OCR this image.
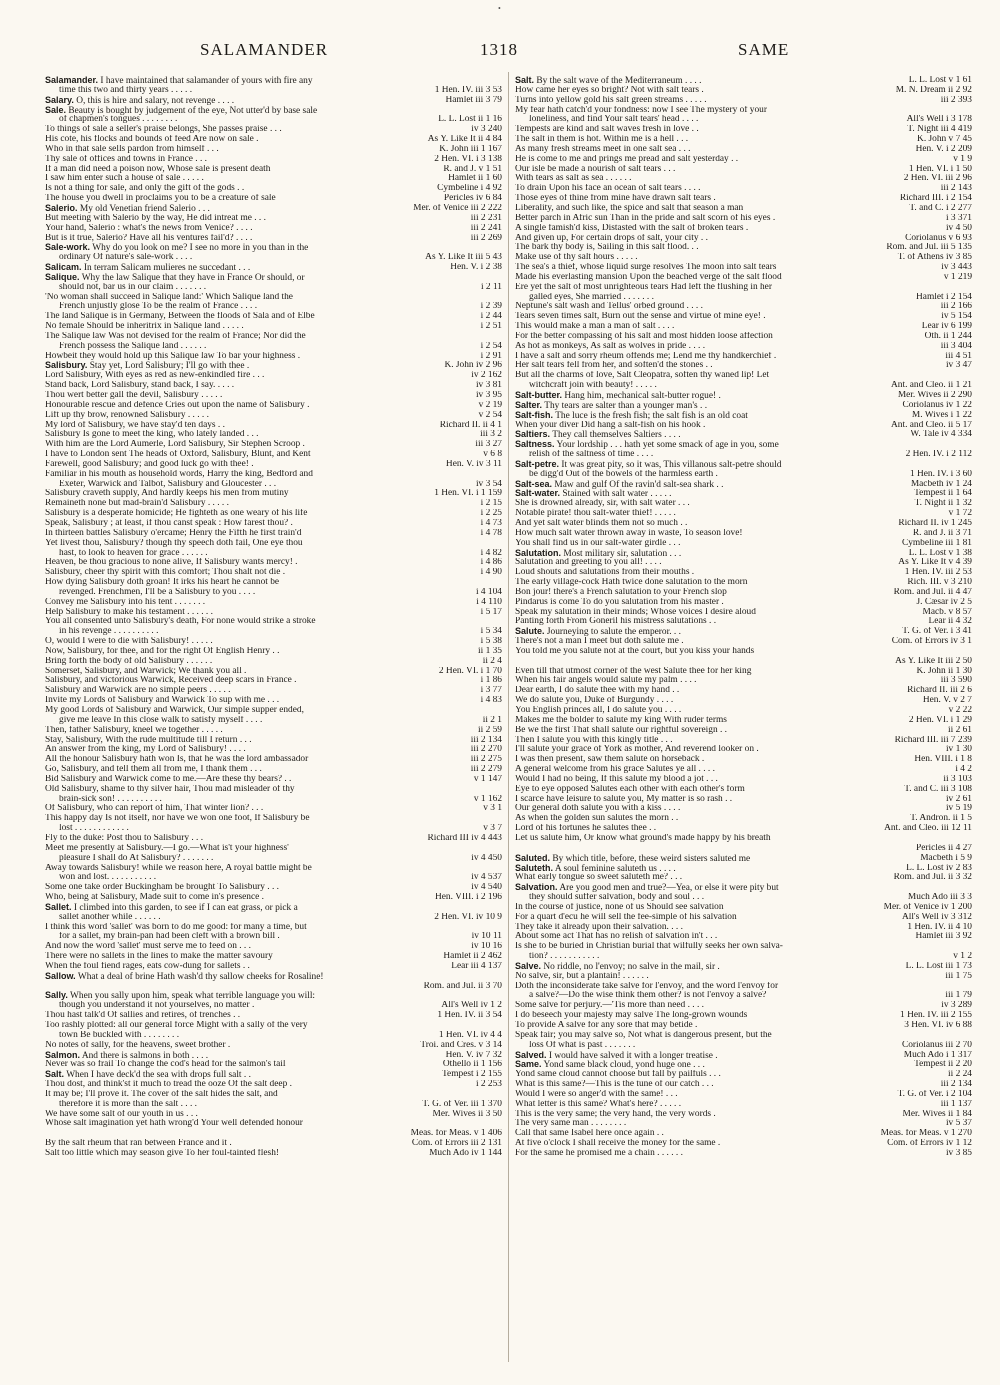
•
SALAMANDER	1318	SAME
Salamander. I have maintained that salamander of yours with fire any
time this two and thirty years . . . . .	1 Hen. IV. iii 3 53
Salary. O, this is hire and salary, not revenge . . . .	Hamlet iii 3 79
Sale. Beauty is bought by judgement of the eye, Not utter'd by base sale
of chapmen's tongues . . . . . . . .	L. L. Lost ii 1 16
To things of sale a seller's praise belongs, She passes praise . . .	iv 3 240
His cote, his flocks and bounds of feed Are now on sale .	As Y. Like It ii 4 84
Who in that sale sells pardon from himself . . .	K. John iii 1 167
Thy sale of offices and towns in France . . .	2 Hen. VI. i 3 138
If a man did need a poison now, Whose sale is present death	R. and J. v 1 51
I saw him enter such a house of sale . . . . .	Hamlet ii 1 60
Is not a thing for sale, and only the gift of the gods . .	Cymbeline i 4 92
The house you dwell in proclaims you to be a creature of sale	Pericles iv 6 84
Salerio. My old Venetian friend Salerio . . .	Mer. of Venice iii 2 222
But meeting with Salerio by the way, He did intreat me . . .	iii 2 231
Your hand, Salerio : what's the news from Venice? . . . .	iii 2 241
But is it true, Salerio? Have all his ventures fail'd? . . . .	iii 2 269
Sale-work. Why do you look on me? I see no more in you than in the
ordinary Of nature's sale-work . . . .	As Y. Like It iii 5 43
Salicam. In terram Salicam mulieres ne succedant . . .	Hen. V. i 2 38
Salique. Why the law Salique that they have in France Or should, or
should not, bar us in our claim . . . . . . .	i 2 11
'No woman shall succeed in Salique land:' Which Salique land the
French unjustly glose To be the realm of France . . . .	i 2 39
The land Salique is in Germany, Between the floods of Sala and of Elbe	i 2 44
No female Should be inheritrix in Salique land . . . . .	i 2 51
The Salique law Was not devised for the realm of France; Nor did the
French possess the Salique land . . . . . .	i 2 54
Howbeit they would hold up this Salique law To bar your highness .	i 2 91
Salisbury. Stay yet, Lord Salisbury; I'll go with thee .	K. John iv 2 96
Lord Salisbury, With eyes as red as new-enkindled fire . . .	iv 2 162
Stand back, Lord Salisbury, stand back, I say. . . . .	iv 3 81
Thou wert better gall the devil, Salisbury . . . . .	iv 3 95
Honourable rescue and defence Cries out upon the name of Salisbury .	v 2 19
Lift up thy brow, renowned Salisbury . . . . .	v 2 54
My lord of Salisbury, we have stay'd ten days . .	Richard II. ii 4 1
Salisbury Is gone to meet the king, who lately landed . . .	iii 3 2
With him are the Lord Aumerle, Lord Salisbury, Sir Stephen Scroop .	iii 3 27
I have to London sent The heads of Oxford, Salisbury, Blunt, and Kent	v 6 8
Farewell, good Salisbury; and good luck go with thee! .	Hen. V. iv 3 11
Familiar in his mouth as household words, Harry the king, Bedford and
Exeter, Warwick and Talbot, Salisbury and Gloucester . . .	iv 3 54
Salisbury cravеth supply, And hardly keeps his men from mutiny	1 Hen. VI. i 1 159
Remaineth none but mad-brain'd Salisbury . . . . .	i 2 15
Salisbury is a desperate homicide; He fighteth as one weary of his life	i 2 25
Speak, Salisbury ; at least, if thou canst speak : How farest thou? .	i 4 73
In thirteen battles Salisbury o'ercame; Henry the Fifth he first train'd	i 4 78
Yet livest thou, Salisbury? though thy speech doth fail, One eye thou
hast, to look to heaven for grace . . . . . .	i 4 82
Heaven, be thou gracious to none alive, If Salisbury wants mercy! .	i 4 86
Salisbury, cheer thy spirit with this comfort; Thou shalt not die .	i 4 90
How dying Salisbury doth groan! It irks his heart he cannot be
revenged. Frenchmen, I'll be a Salisbury to you . . . .	i 4 104
Convey me Salisbury into his tent . . . . . . .	i 4 110
Help Salisbury to make his testament . . . . . .	i 5 17
You all consented unto Salisbury's death, For none would strike a stroke
in his revenge . . . . . . . . . .	i 5 34
O, would I were to die with Salisbury! . . . . .	i 5 38
Now, Salisbury, for thee, and for the right Of English Henry . .	ii 1 35
Bring forth the body of old Salisbury . . . . . .	ii 2 4
Somerset, Salisbury, and Warwick; We thank you all .	2 Hen. VI. i 1 70
Salisbury, and victorious Warwick, Received deep scars in France .	i 1 86
Salisbury and Warwick are no simple peers . . . . .	i 3 77
Invite my Lords of Salisbury and Warwick To sup with me . . .	i 4 83
My good Lords of Salisbury and Warwick, Our simple supper ended,
give me leave In this close walk to satisfy myself . . . .	ii 2 1
Then, father Salisbury, kneel we together . . . . .	ii 2 59
Stay, Salisbury, With the rude multitude till I return . . .	iii 2 134
An answer from the king, my Lord of Salisbury! . . . .	iii 2 270
All the honour Salisbury hath won Is, that he was the lord ambassador	iii 2 275
Go, Salisbury, and tell them all from me, I thank them . . .	iii 2 279
Bid Salisbury and Warwick come to me.—Are these thy bears? . .	v 1 147
Old Salisbury, shame to thy silver hair, Thou mad misleader of thy
brain-sick son! . . . . . . . . . .	v 1 162
Of Salisbury, who can report of him, That winter lion? . . .	v 3 1
This happy day Is not itself, nor have we won one foot, If Salisbury be
lost . . . . . . . . . . . .	v 3 7
Fly to the duke: Post thou to Salisbury . . .	Richard III iv 4 443
Meet me presently at Salisbury.—I go.—What is't your highness'
pleasure I shall do At Salisbury? . . . . . . .	iv 4 450
Away towards Salisbury! while we reason here, A royal battle might be
won and lost. . . . . . . . . . .	iv 4 537
Some one take order Buckingham be brought To Salisbury . . .	iv 4 540
Who, being at Salisbury, Made suit to come in's presence .	Hen. VIII. i 2 196
Sallet. I climbed into this garden, to see if I can eat grass, or pick a
sallet another while . . . . . .	2 Hen. VI. iv 10 9
I think this word 'sallet' was born to do me good: for many a time, but
for a sallet, my brain-pan had been cleft with a brown bill .	iv 10 11
And now the word 'sallet' must serve me to feed on . . .	iv 10 16
There were no sallets in the lines to make the matter savoury	Hamlet ii 2 462
When the foul fiend rages, eats cow-dung for sallets . .	Lear iii 4 137
Sallow. What a deal of brine Hath wash'd thy sallow cheeks for Rosaline!
Rom. and Jul. ii 3 70
Sally. When you sally upon him, speak what terrible language you will:
though you understand it not yourselves, no matter .	All's Well iv 1 2
Thou hast talk'd Of sallies and retires, of trenches . .	1 Hen. IV. ii 3 54
Too rashly plotted: all our general force Might with a sally of the very
town Be buckled with . . . . . . . .	1 Hen. VI. iv 4 4
No notes of sally, for the heavens, sweet brother .	Troi. and Cres. v 3 14
Salmon. And there is salmons in both . . . .	Hen. V. iv 7 32
Never was so frail To change the cod's head for the salmon's tail	Othello ii 1 156
Salt. When I have deck'd the sea with drops full salt . .	Tempest i 2 155
Thou dost, and think'st it much to tread the ooze Of the salt deep .	i 2 253
It may be; I'll prove it. The cover of the salt hides the salt, and
therefore it is more than the salt . . . .	T. G. of Ver. iii 1 370
We have some salt of our youth in us . . .	Mer. Wives ii 3 50
Whose salt imagination yet hath wrong'd Your well defended honour
Meas. for Meas. v 1 406
By the salt rheum that ran between France and it .	Com. of Errors iii 2 131
Salt too little which may season give To her foul-tainted flesh!	Much Ado iv 1 144
Salt. By the salt wave of the Mediterraneum . . . .	L. L. Lost v 1 61
How came her eyes so bright? Not with salt tears .	M. N. Dream ii 2 92
Turns into yellow gold his salt green streams . . . . .	iii 2 393
My fear hath catch'd your fondness: now I see The mystery of your
loneliness, and find Your salt tears' head . . . .	All's Well i 3 178
Tempests are kind and salt waves fresh in love . .	T. Night iii 4 419
The salt in them is hot. Within me is a hell . . .	K. John v 7 45
As many fresh streams meet in one salt sea . . .	Hen. V. i 2 209
He is come to me and prings me pread and salt yesterday . .	v 1 9
Our isle be made a nourish of salt tears . . .	1 Hen. VI. i 1 50
With tears as salt as sea . . . . . .	2 Hen. VI. iii 2 96
To drain Upon his face an ocean of salt tears . . . .	iii 2 143
Those eyes of thine from mine have drawn salt tears .	Richard III. i 2 154
Liberality, and such like, the spice and salt that season a man	T. and C. i 2 277
Better parch in Afric sun Than in the pride and salt scorn of his eyes .	i 3 371
A single famish'd kiss, Distasted with the salt of broken tears .	iv 4 50
And given up, For certain drops of salt, your city . .	Coriolanus v 6 93
The bark thy body is, Sailing in this salt flood. . .	Rom. and Jul. iii 5 135
Make use of thy salt hours . . . . .	T. of Athens iv 3 85
The sea's a thief, whose liquid surge resolves The moon into salt tears	iv 3 443
Made his everlasting mansion Upon the beached verge of the salt flood	v 1 219
Ere yet the salt of most unrighteous tears Had left the flushing in her
galled eyes, She married . . . . . . .	Hamlet i 2 154
Neptune's salt wash and Tellus' orbed ground . . . .	iii 2 166
Tears seven times salt, Burn out the sense and virtue of mine eye! .	iv 5 154
This would make a man a man of salt . . . .	Lear iv 6 199
For the better compassing of his salt and most hidden loose affection	Oth. ii 1 244
As hot as monkeys, As salt as wolves in pride . . . .	iii 3 404
I have a salt and sorry rheum offends me; Lend me thy handkerchief .	iii 4 51
Her salt tears fell from her, and soften'd the stones . .	iv 3 47
But all the charms of love, Salt Cleopatra, soften thy waned lip! Let
witchcraft join with beauty! . . . . .	Ant. and Cleo. ii 1 21
Salt-butter. Hang him, mechanical salt-butter rogue! .	Mer. Wives ii 2 290
Salter. Thy tears are salter than a younger man's . .	Coriolanus iv 1 22
Salt-fish. The luce is the fresh fish; the salt fish is an old coat	M. Wives i 1 22
When your diver Did hang a salt-fish on his hook .	Ant. and Cleo. ii 5 17
Saltiers. They call themselves Saltiers . . . .	W. Tale iv 4 334
Saltness. Your lordship . . . hath yet some smack of age in you, some
relish of the saltness of time . . . .	2 Hen. IV. i 2 112
Salt-petre. It was great pity, so it was, This villanous salt-petre should
be digg'd Out of the bowels of the harmless earth .	1 Hen. IV. i 3 60
Salt-sea. Maw and gulf Of the ravin'd salt-sea shark . .	Macbeth iv 1 24
Salt-water. Stained with salt water . . . . .	Tempest ii 1 64
She is drowned already, sir, with salt water . . .	T. Night ii 1 32
Notable pirate! thou salt-water thief! . . . . .	v 1 72
And yet salt water blinds them not so much . .	Richard II. iv 1 245
How much salt water thrown away in waste, To season love!	R. and J. ii 3 71
You shall find us in our salt-water girdle . . .	Cymbeline iii 1 81
Salutation. Most military sir, salutation . . .	L. L. Lost v 1 38
Salutation and greeting to you all! . . . .	As Y. Like It v 4 39
Loud shouts and salutations from their mouths .	1 Hen. IV. iii 2 53
The early village-cock Hath twice done salutation to the morn	Rich. III. v 3 210
Bon jour! there's a French salutation to your French slop	Rom. and Jul. ii 4 47
Pindarus is come To do you salutation from his master .	J. Cæsar iv 2 5
Speak my salutation in their minds; Whose voices I desire aloud	Macb. v 8 57
Panting forth From Goneril his mistress salutations . .	Lear ii 4 32
Salute. Journeying to salute the emperor. . .	T. G. of Ver. i 3 41
There's not a man I meet but doth salute me .	Com. of Errors iv 3 1
You told me you salute not at the court, but you kiss your hands
As Y. Like It iii 2 50
Even till that utmost corner of the west Salute thee for her king	K. John ii 1 30
When his fair angels would salute my palm . . . .	iii 3 590
Dear earth, I do salute thee with my hand . .	Richard II. iii 2 6
We do salute you, Duke of Burgundy . . . .	Hen. V. v 2 7
You English princes all, I do salute you . . . .	v 2 22
Makes me the bolder to salute my king With ruder terms	2 Hen. VI. i 1 29
Be we the first That shall salute our rightful sovereign . .	ii 2 61
Then I salute you with this kingly title . . .	Richard III. iii 7 239
I'll salute your grace of York as mother, And reverend looker on .	iv 1 30
I was then present, saw them salute on horseback .	Hen. VIII. i 1 8
A general welcome from his grace Salutes ye all . . . .	i 4 2
Would I had no being, If this salute my blood a jot . . .	ii 3 103
Eye to eye opposed Salutes each other with each other's form	T. and C. iii 3 108
I scarce have leisure to salute you, My matter is so rash . .	iv 2 61
Our general doth salute you with a kiss . . . .	iv 5 19
As when the golden sun salutes the morn . .	T. Andron. ii 1 5
Lord of his fortunes he salutes thee . .	Ant. and Cleo. iii 12 11
Let us salute him, Or know what ground's made happy by his breath
Pericles ii 4 27
Saluted. By which title, before, these weird sisters saluted me	Macbeth i 5 9
Saluteth. A soul feminine saluteth us . . . .	L. L. Lost iv 2 83
What early tongue so sweet saluteth me? . . .	Rom. and Jul. ii 3 32
Salvation. Are you good men and true?—Yea, or else it were pity but
they should suffer salvation, body and soul . . .	Much Ado iii 3 3
In the course of justice, none of us Should see salvation	Mer. of Venice iv 1 200
For a quart d'ecu he will sell the fee-simple of his salvation	All's Well iv 3 312
They take it already upon their salvation. . . .	1 Hen. IV. ii 4 10
About some act That has no relish of salvation in't . . .	Hamlet iii 3 92
Is she to be buried in Christian burial that wilfully seeks her own salva-
tion? . . . . . . . . . . .	v 1 2
Salve. No riddle, no l'envoy; no salve in the mail, sir .	L. L. Lost iii 1 73
No salve, sir, but a plantain! . . . . . .	iii 1 75
Doth the inconsiderate take salve for l'envoy, and the word l'envoy for
a salve?—Do the wise think them other? is not l'envoy a salve?	iii 1 79
Some salve for perjury.—'Tis more than need . . . .	iv 3 289
I do beseech your majesty may salve The long-grown wounds	1 Hen. IV. iii 2 155
To provide A salve for any sore that may betide .	3 Hen. VI. iv 6 88
Speak fair; you may salve so, Not what is dangerous present, but the
loss Of what is past . . . . . . .	Coriolanus iii 2 70
Salved. I would have salved it with a longer treatise .	Much Ado i 1 317
Same. Yond same black cloud, yond huge one . . .	Tempest ii 2 20
Yond same cloud cannot choose but fall by pailfuls . . .	ii 2 24
What is this same?—This is the tune of our catch . . .	iii 2 134
Would I were so anger'd with the same! . . .	T. G. of Ver. i 2 104
What letter is this same? What's here? . . . . .	iii 1 137
This is the very same; the very hand, the very words .	Mer. Wives ii 1 84
The very same man . . . . . . . .	iv 5 37
Call that same Isabel here once again . .	Meas. for Meas. v 1 270
At five o'clock I shall receive the money for the same .	Com. of Errors iv 1 12
For the same he promised me a chain . . . . . .	iv 3 85
